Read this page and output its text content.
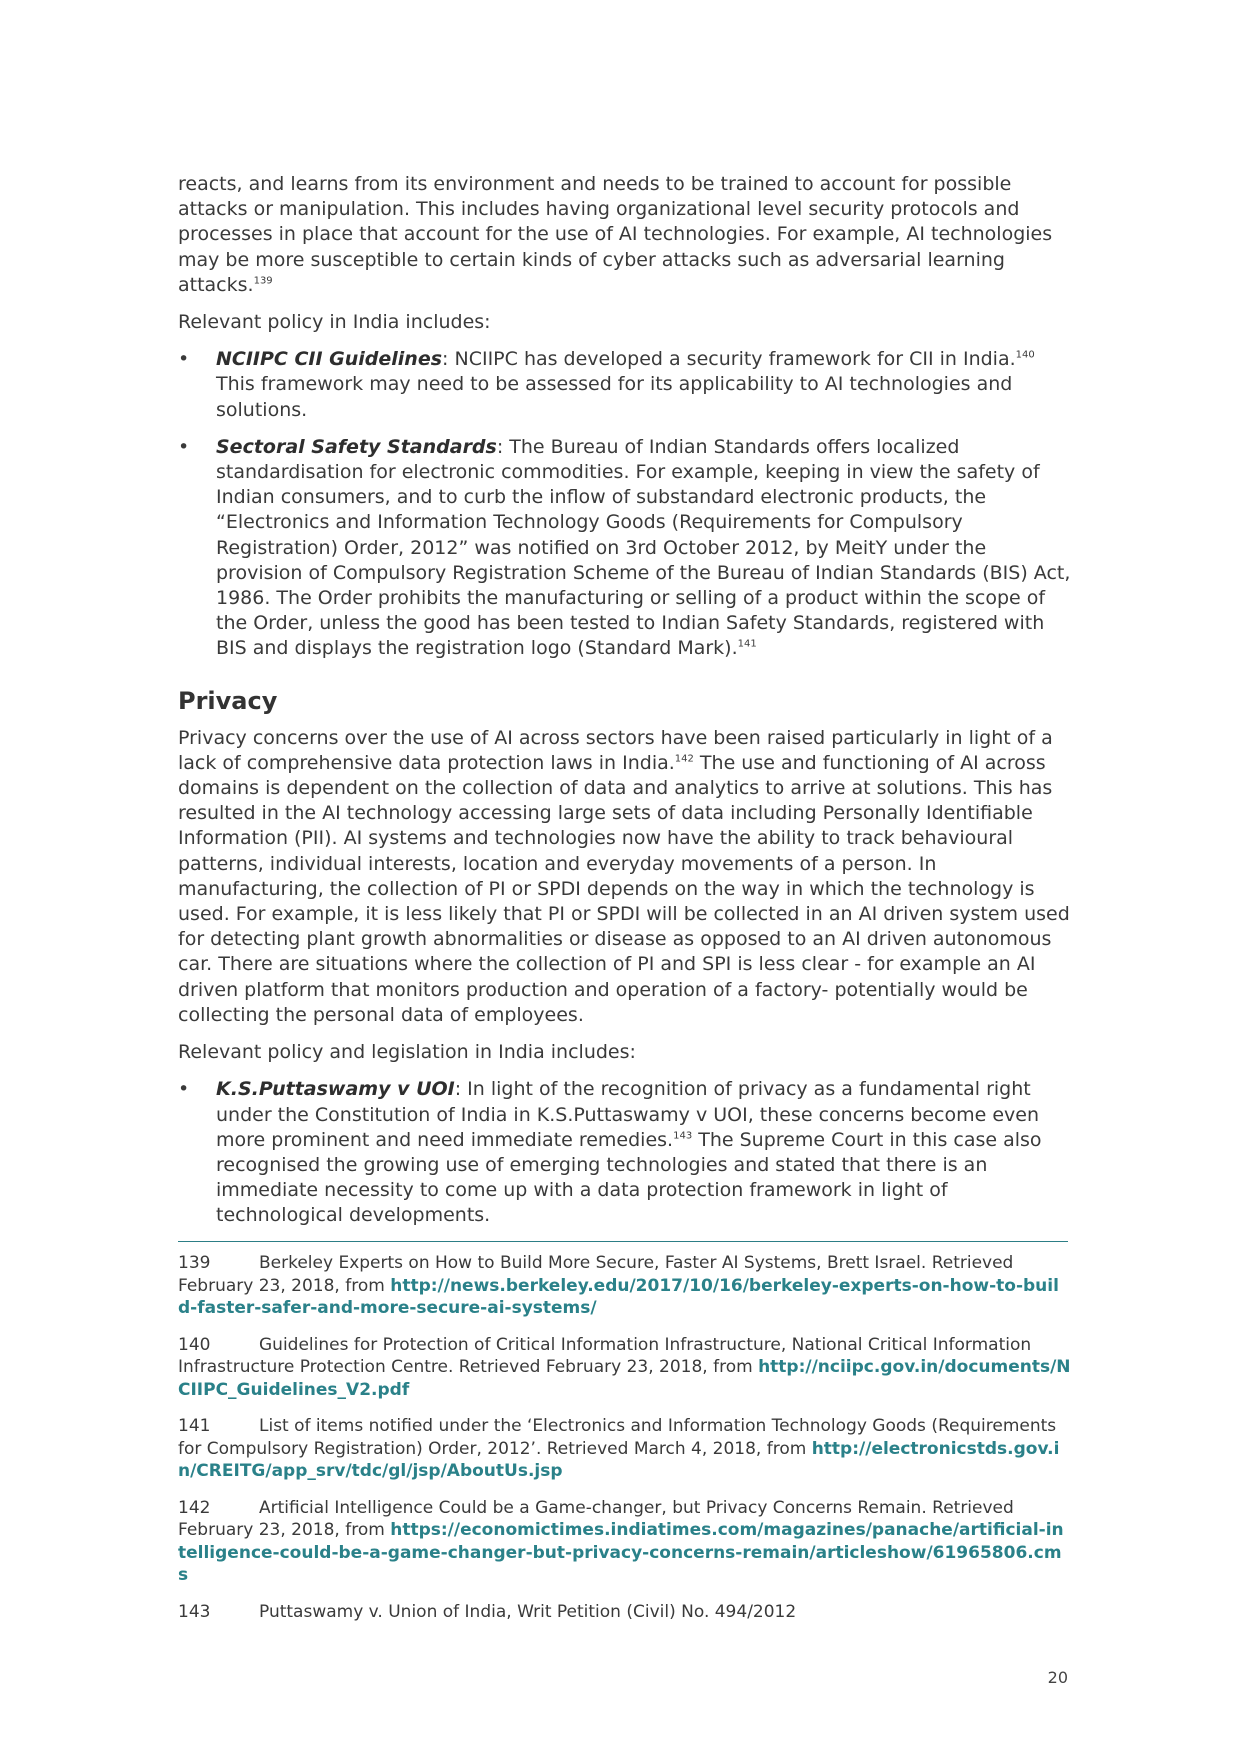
reacts, and learns from its environment and needs to be trained to account for possible attacks or manipulation. This includes having organizational level security protocols and processes in place that account for the use of AI technologies. For example, AI technologies may be more susceptible to certain kinds of cyber attacks such as adversarial learning attacks.$^{139}$

Relevant policy in India includes:

•	NCIIPC CII Guidelines: NCIIPC has developed a security framework for CII in India.$^{140}$ This framework may need to be assessed for its applicability to AI technologies and solutions.
•	Sectoral Safety Standards: The Bureau of Indian Standards offers localized standardisation for electronic commodities. For example, keeping in view the safety of Indian consumers, and to curb the inflow of substandard electronic products, the “Electronics and Information Technology Goods (Requirements for Compulsory Registration) Order, 2012” was notified on 3rd October 2012, by MeitY under the provision of Compulsory Registration Scheme of the Bureau of Indian Standards (BIS) Act, 1986. The Order prohibits the manufacturing or selling of a product within the scope of the Order, unless the good has been tested to Indian Safety Standards, registered with BIS and displays the registration logo (Standard Mark).$^{141}$
Privacy

Privacy concerns over the use of AI across sectors have been raised particularly in light of a lack of comprehensive data protection laws in India.$^{142}$ The use and functioning of AI across domains is dependent on the collection of data and analytics to arrive at solutions. This has resulted in the AI technology accessing large sets of data including Personally Identifiable Information (PII). AI systems and technologies now have the ability to track behavioural patterns, individual interests, location and everyday movements of a person. In manufacturing, the collection of PI or SPDI depends on the way in which the technology is used. For example, it is less likely that PI or SPDI will be collected in an AI driven system used for detecting plant growth abnormalities or disease as opposed to an AI driven autonomous car. There are situations where the collection of PI and SPI is less clear - for example an AI driven platform that monitors production and operation of a factory- potentially would be collecting the personal data of employees.

Relevant policy and legislation in India includes:

•	K.S.Puttaswamy v UOI: In light of the recognition of privacy as a fundamental right under the Constitution of India in K.S.Puttaswamy v UOI, these concerns become even more prominent and need immediate remedies.$^{143}$ The Supreme Court in this case also recognised the growing use of emerging technologies and stated that there is an immediate necessity to come up with a data protection framework in light of technological developments.
139	Berkeley Experts on How to Build More Secure, Faster AI Systems, Brett Israel. Retrieved February 23, 2018, from http://news.berkeley.edu/2017/10/16/berkeley-experts-on-how-to-build-faster-safer-and-more-secure-ai-systems/
140	Guidelines for Protection of Critical Information Infrastructure, National Critical Information Infrastructure Protection Centre. Retrieved February 23, 2018, from http://nciipc.gov.in/documents/NCIIPC_Guidelines_V2.pdf
141	List of items notified under the ‘Electronics and Information Technology Goods (Requirements for Compulsory Registration) Order, 2012’. Retrieved March 4, 2018, from http://electronicstds.gov.in/CREITG/app_srv/tdc/gl/jsp/AboutUs.jsp
142	Artificial Intelligence Could be a Game-changer, but Privacy Concerns Remain. Retrieved February 23, 2018, from https://economictimes.indiatimes.com/magazines/panache/artificial-intelligence-could-be-a-game-changer-but-privacy-concerns-remain/articleshow/61965806.cms
143	Puttaswamy v. Union of India, Writ Petition (Civil) No. 494/2012
20
